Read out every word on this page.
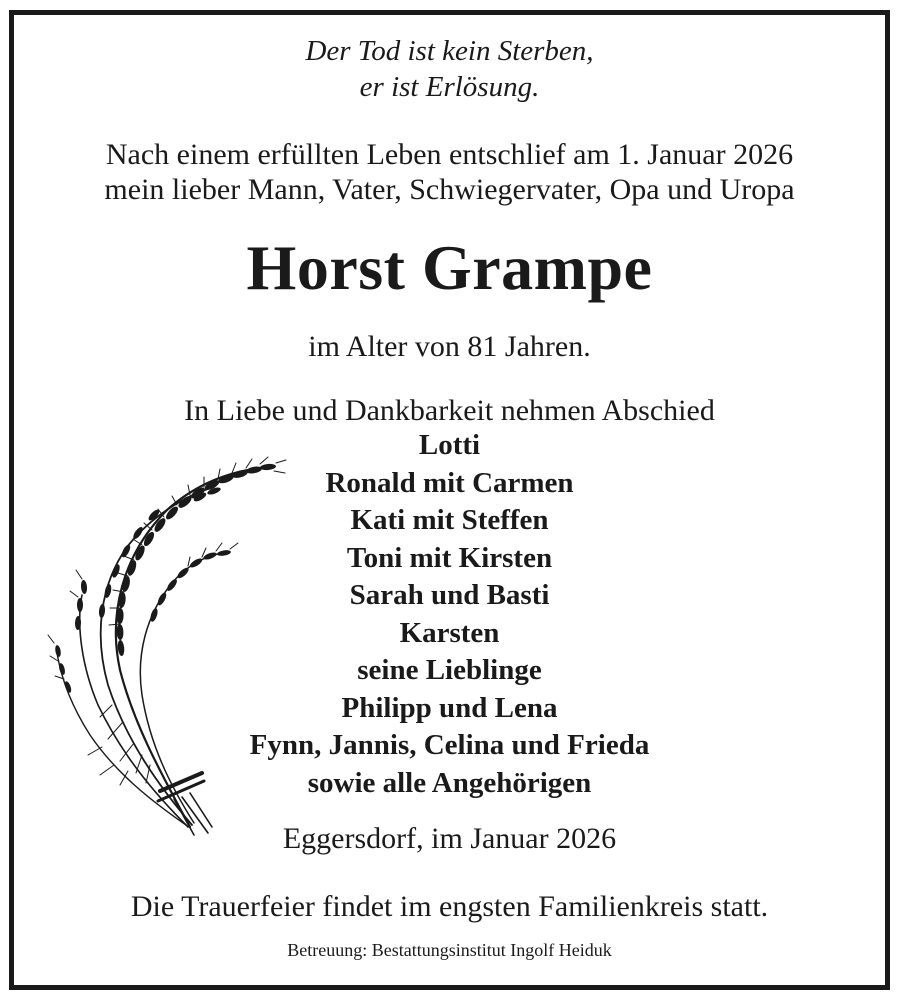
Der Tod ist kein Sterben,
er ist Erlösung.
Nach einem erfüllten Leben entschlief am 1. Januar 2026
mein lieber Mann, Vater, Schwiegervater, Opa und Uropa
Horst Grampe
im Alter von 81 Jahren.
In Liebe und Dankbarkeit nehmen Abschied
Lotti
Ronald mit Carmen
Kati mit Steffen
Toni mit Kirsten
Sarah und Basti
Karsten
seine Lieblinge
Philipp und Lena
Fynn, Jannis, Celina und Frieda
sowie alle Angehörigen
Eggersdorf, im Januar 2026
Die Trauerfeier findet im engsten Familienkreis statt.
Betreuung: Bestattungsinstitut Ingolf Heiduk
